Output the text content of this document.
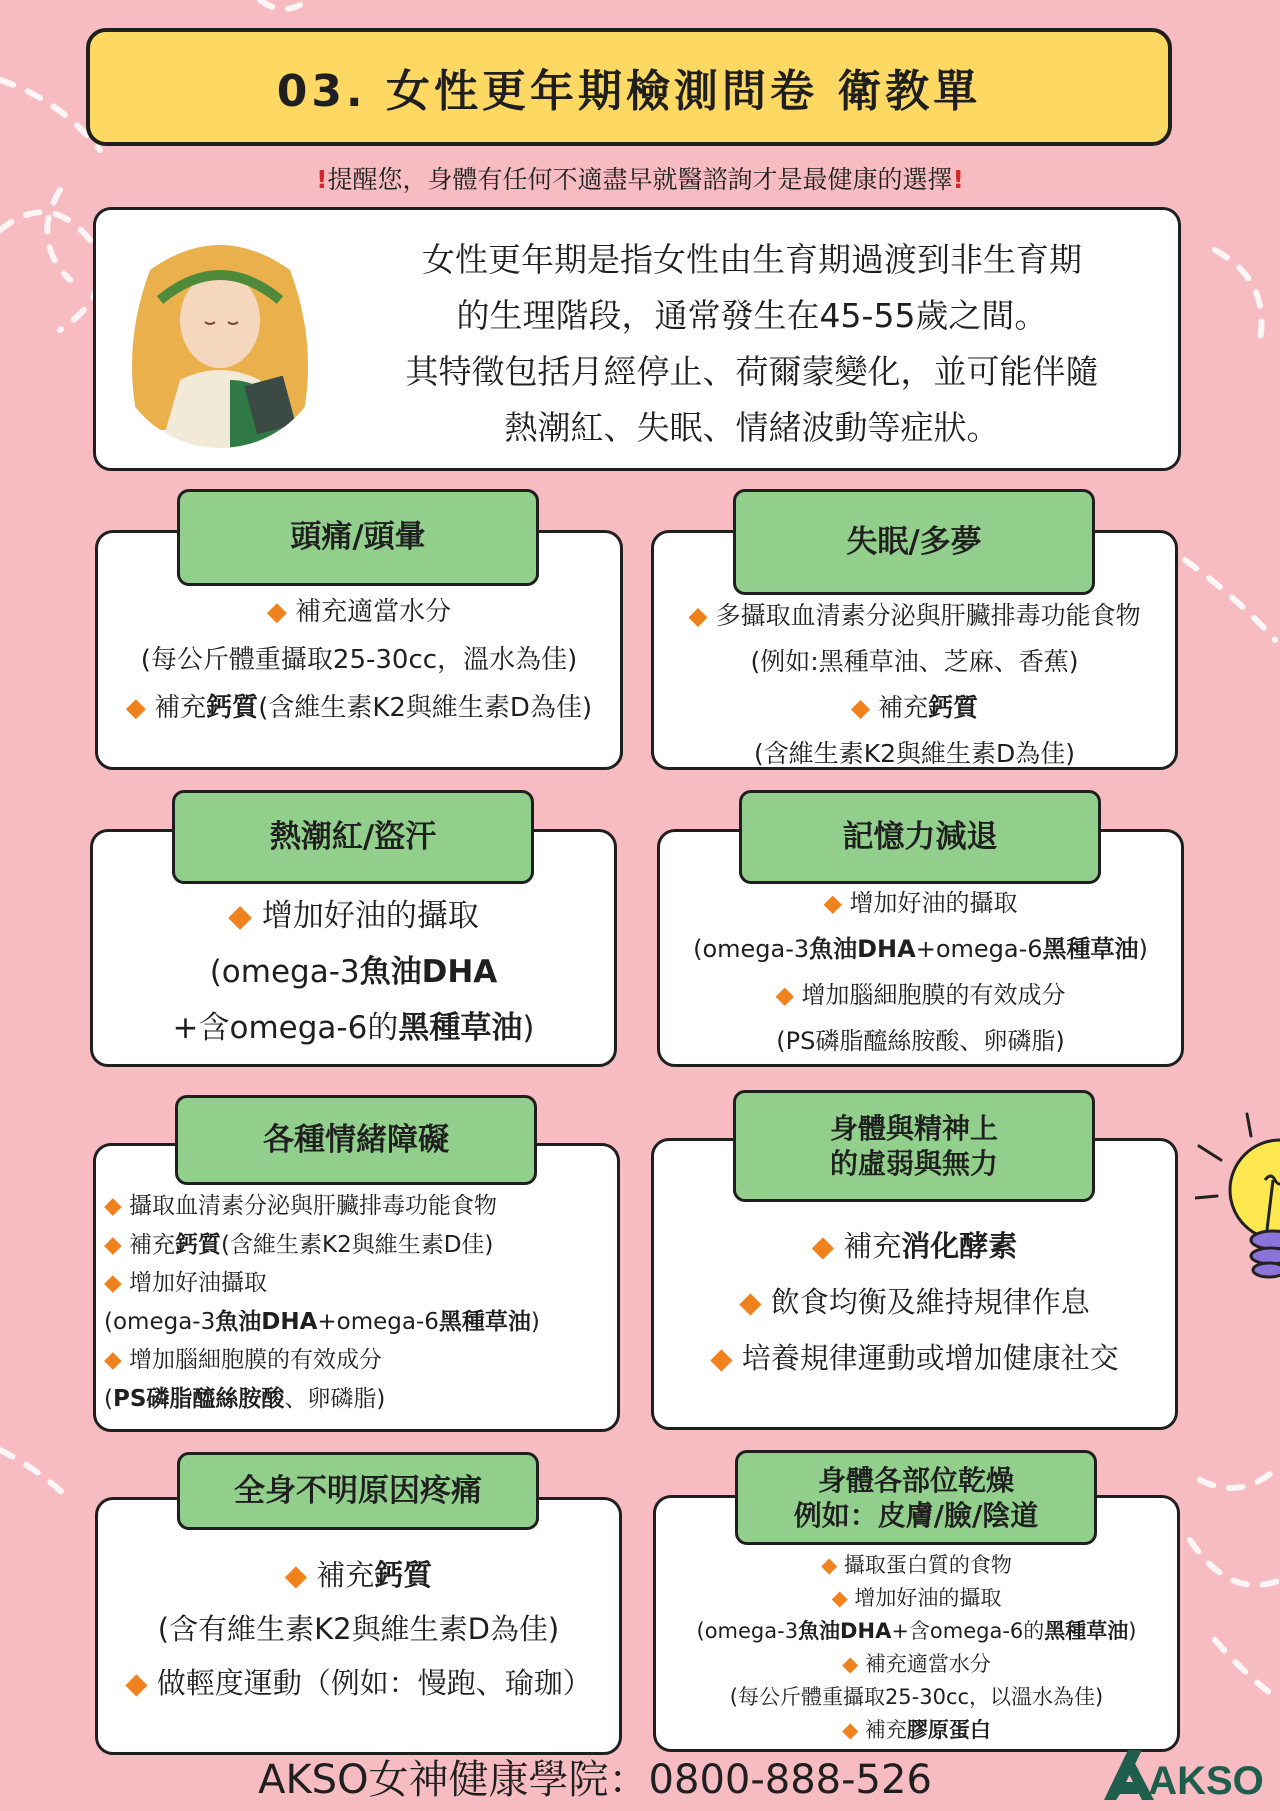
03. 女性更年期檢測問卷 衛教單
!提醒您，身體有任何不適盡早就醫諮詢才是最健康的選擇!
女性更年期是指女性由生育期過渡到非生育期
的生理階段，通常發生在45-55歲之間。
其特徵包括月經停止、荷爾蒙變化，並可能伴隨
熱潮紅、失眠、情緒波動等症狀。
頭痛/頭暈
◆ 補充適當水分
(每公斤體重攝取25-30cc，溫水為佳)
◆ 補充鈣質(含維生素K2與維生素D為佳)
失眠/多夢
◆ 多攝取血清素分泌與肝臟排毒功能食物
(例如:黑種草油、芝麻、香蕉)
◆ 補充鈣質
(含維生素K2與維生素D為佳)
熱潮紅/盜汗
◆ 增加好油的攝取
(omega-3魚油DHA
+含omega-6的黑種草油)
記憶力減退
◆ 增加好油的攝取
(omega-3魚油DHA+omega-6黑種草油)
◆ 增加腦細胞膜的有效成分
(PS磷脂醯絲胺酸、卵磷脂)
各種情緒障礙
◆ 攝取血清素分泌與肝臟排毒功能食物
◆ 補充鈣質(含維生素K2與維生素D佳)
◆ 增加好油攝取
(omega-3魚油DHA+omega-6黑種草油)
◆ 增加腦細胞膜的有效成分
(PS磷脂醯絲胺酸、卵磷脂)
身體與精神上
的虛弱與無力
◆ 補充消化酵素
◆ 飲食均衡及維持規律作息
◆ 培養規律運動或增加健康社交
全身不明原因疼痛
◆ 補充鈣質
(含有維生素K2與維生素D為佳)
◆ 做輕度運動（例如：慢跑、瑜珈）
身體各部位乾燥
例如：皮膚/臉/陰道
◆ 攝取蛋白質的食物
◆ 增加好油的攝取
(omega-3魚油DHA+含omega-6的黑種草油)
◆ 補充適當水分
(每公斤體重攝取25-30cc，以溫水為佳)
◆ 補充膠原蛋白
AKSO女神健康學院：0800-888-526	AKSO
